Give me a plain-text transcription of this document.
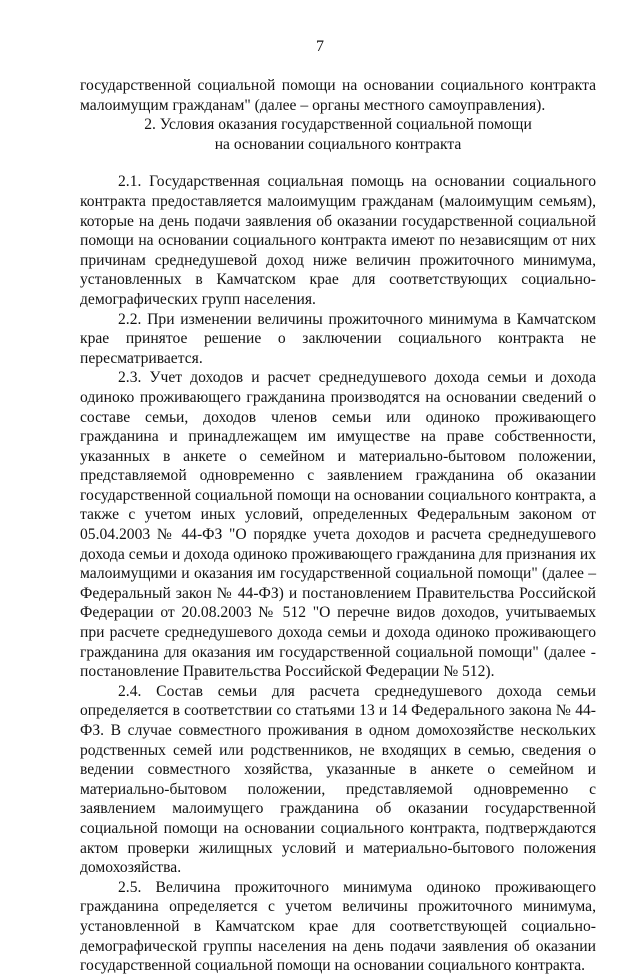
7

государственной социальной помощи на основании социального контракта малоимущим гражданам" (далее – органы местного самоуправления).

2. Условия оказания государственной социальной помощи
на основании социального контракта

2.1. Государственная социальная помощь на основании социального контракта предоставляется малоимущим гражданам (малоимущим семьям), которые на день подачи заявления об оказании государственной социальной помощи на основании социального контракта имеют по независящим от них причинам среднедушевой доход ниже величин прожиточного минимума, установленных в Камчатском крае для соответствующих социально-демографических групп населения.

2.2. При изменении величины прожиточного минимума в Камчатском крае принятое решение о заключении социального контракта не пересматривается.

2.3. Учет доходов и расчет среднедушевого дохода семьи и дохода одиноко проживающего гражданина производятся на основании сведений о составе семьи, доходов членов семьи или одиноко проживающего гражданина и принадлежащем им имуществе на праве собственности, указанных в анкете о семейном и материально-бытовом положении, представляемой одновременно с заявлением гражданина об оказании государственной социальной помощи на основании социального контракта, а также с учетом иных условий, определенных Федеральным законом от 05.04.2003 № 44-ФЗ "О порядке учета доходов и расчета среднедушевого дохода семьи и дохода одиноко проживающего гражданина для признания их малоимущими и оказания им государственной социальной помощи" (далее – Федеральный закон № 44-ФЗ) и постановлением Правительства Российской Федерации от 20.08.2003 № 512 "О перечне видов доходов, учитываемых при расчете среднедушевого дохода семьи и дохода одиноко проживающего гражданина для оказания им государственной социальной помощи" (далее - постановление Правительства Российской Федерации № 512).

2.4. Состав семьи для расчета среднедушевого дохода семьи определяется в соответствии со статьями 13 и 14 Федерального закона № 44-ФЗ. В случае совместного проживания в одном домохозяйстве нескольких родственных семей или родственников, не входящих в семью, сведения о ведении совместного хозяйства, указанные в анкете о семейном и материально-бытовом положении, представляемой одновременно с заявлением малоимущего гражданина об оказании государственной социальной помощи на основании социального контракта, подтверждаются актом проверки жилищных условий и материально-бытового положения домохозяйства.

2.5. Величина прожиточного минимума одиноко проживающего гражданина определяется с учетом величины прожиточного минимума, установленной в Камчатском крае для соответствующей социально-демографической группы населения на день подачи заявления об оказании государственной социальной помощи на основании социального контракта.
